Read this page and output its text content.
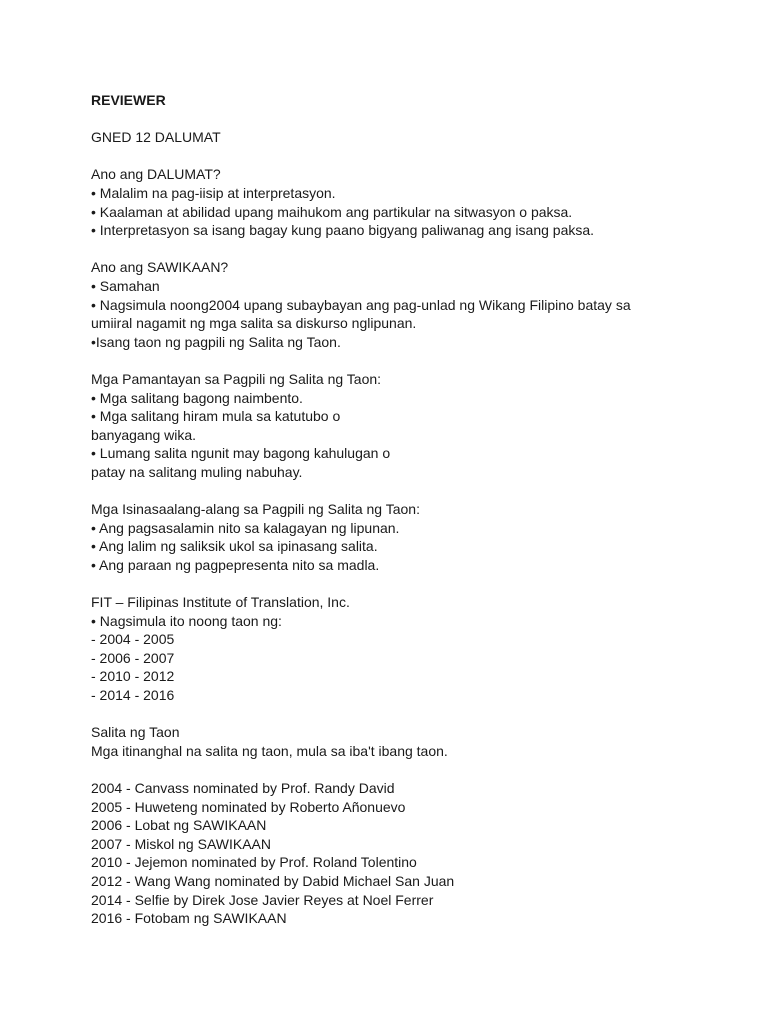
REVIEWER

GNED 12 DALUMAT

Ano ang DALUMAT?

• Malalim na pag-iisip at interpretasyon.

• Kaalaman at abilidad upang maihukom ang partikular na sitwasyon o paksa.

• Interpretasyon sa isang bagay kung paano bigyang paliwanag ang isang paksa.

Ano ang SAWIKAAN?

• Samahan

• Nagsimula noong2004 upang subaybayan ang pag-unlad ng Wikang Filipino batay sa

umiiral nagamit ng mga salita sa diskurso nglipunan.

•Isang taon ng pagpili ng Salita ng Taon.

Mga Pamantayan sa Pagpili ng Salita ng Taon:

• Mga salitang bagong naimbento.

• Mga salitang hiram mula sa katutubo o

banyagang wika.

• Lumang salita ngunit may bagong kahulugan o

patay na salitang muling nabuhay.

Mga Isinasaalang-alang sa Pagpili ng Salita ng Taon:

• Ang pagsasalamin nito sa kalagayan ng lipunan.

• Ang lalim ng saliksik ukol sa ipinasang salita.

• Ang paraan ng pagpepresenta nito sa madla.

FIT – Filipinas Institute of Translation, Inc.

• Nagsimula ito noong taon ng:

- 2004 - 2005

- 2006 - 2007

- 2010 - 2012

- 2014 - 2016

Salita ng Taon

Mga itinanghal na salita ng taon, mula sa iba't ibang taon.

2004 - Canvass nominated by Prof. Randy David

2005 - Huweteng nominated by Roberto Añonuevo

2006 - Lobat ng SAWIKAAN

2007 - Miskol ng SAWIKAAN

2010 - Jejemon nominated by Prof. Roland Tolentino

2012 - Wang Wang nominated by Dabid Michael San Juan

2014 - Selfie by Direk Jose Javier Reyes at Noel Ferrer

2016 - Fotobam ng SAWIKAAN
